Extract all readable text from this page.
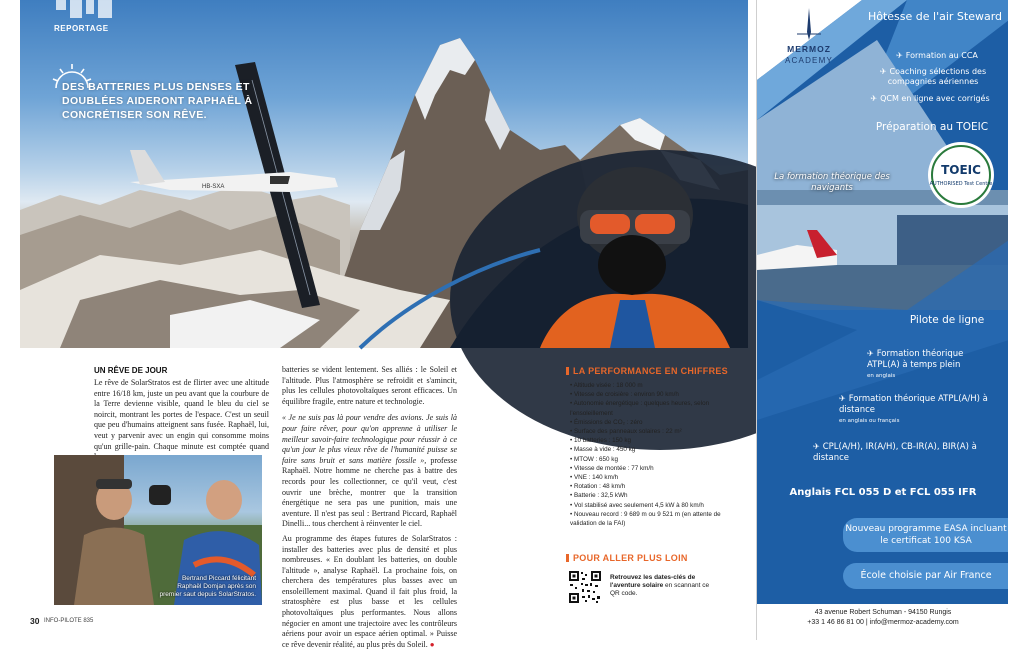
HB-SXA
REPORTAGE
DES BATTERIES PLUS DENSES ET DOUBLÉES AIDERONT RAPHAËL À CONCRÉTISER SON RÊVE.
UN RÊVE DE JOUR

Le rêve de SolarStratos est de flirter avec une altitude entre 16/18 km, juste un peu avant que la courbure de la Terre devienne visible, quand le bleu du ciel se noircit, montrant les portes de l'espace. C'est un seuil que peu d'humains atteignent sans fusée. Raphaël, lui, veut y parvenir avec un engin qui consomme moins qu'un grille-pain. Chaque minute est comptée quand

batteries se vident lentement. Ses alliés : le Soleil et l'altitude. Plus l'atmosphère se refroidit et s'amincit, plus les cellules photovoltaïques seront efficaces. Un équilibre fragile, entre nature et technologie.

« Je ne suis pas là pour vendre des avions. Je suis là pour faire rêver, pour qu'on apprenne à utiliser le meilleur savoir-faire technologique pour réussir à ce qu'un jour le plus vieux rêve de l'humanité puisse se faire sans bruit et sans matière fossile », professe Raphaël. Notre homme ne cherche pas à battre des records pour les collectionner, ce qu'il veut, c'est ouvrir une brèche, montrer que la transition énergétique ne sera pas une punition, mais une aventure. Il n'est pas seul : Bertrand Piccard, Raphaël Dinelli... tous cherchent à réinventer le ciel.

Au programme des étapes futures de SolarStratos : installer des batteries avec plus de densité et plus nombreuses. « En doublant les batteries, on double l'altitude », analyse Raphaël. La prochaine fois, on cherchera des températures plus basses avec un ensoleillement maximal. Quand il fait plus froid, la stratosphère est plus basse et les cellules photovoltaïques plus performantes. Nous allons négocier en amont une trajectoire avec les contrôleurs aériens pour avoir un espace aérien optimal. » Puisse ce rêve devenir réalité, au plus près du Soleil. ●

Bertrand Piccard félicitant Raphaël Domjan après son premier saut depuis SolarStratos.
LA PERFORMANCE EN CHIFFRES
• Altitude visée : 18 000 m
• Vitesse de croisière : environ 90 km/h
• Autonomie énergétique : quelques heures, selon l'ensoleillement
• Émissions de CO₂ : zéro
• Surface des panneaux solaires : 22 m²
• 10 batteries : 150 kg
• Masse à vide : 450 kg
• MTOW : 650 kg
• Vitesse de montée : 77 km/h
• VNE : 140 km/h
• Rotation : 48 km/h
• Batterie : 32,5 kWh
• Vol stabilisé avec seulement 4,5 kW à 80 km/h
• Nouveau record : 9 689 m ou 9 521 m (en attente de validation de la FAI)
POUR ALLER PLUS LOIN
Retrouvez les dates-clés de l'aventure solaire en scannant ce QR code.
30 INFO-PILOTE 835
MERMOZ
ACADEMY
Hôtesse de l'air Steward
✈ Formation au CCA
✈ Coaching sélections des compagnies aériennes
✈ QCM en ligne avec corrigés
Préparation au TOEIC
TOEIC
AUTHORISED Test Centre
La formation théorique des navigants
Pilote de ligne
✈ Formation théorique ATPL(A) à temps plein
en anglais
✈ Formation théorique ATPL(A/H) à distance
en anglais ou français
✈ CPL(A/H), IR(A/H), CB-IR(A), BIR(A) à distance
Anglais FCL 055 D et FCL 055 IFR
Nouveau programme EASA incluant le certificat 100 KSA
École choisie par Air France
43 avenue Robert Schuman - 94150 Rungis
+33 1 46 86 81 00 | info@mermoz-academy.com
